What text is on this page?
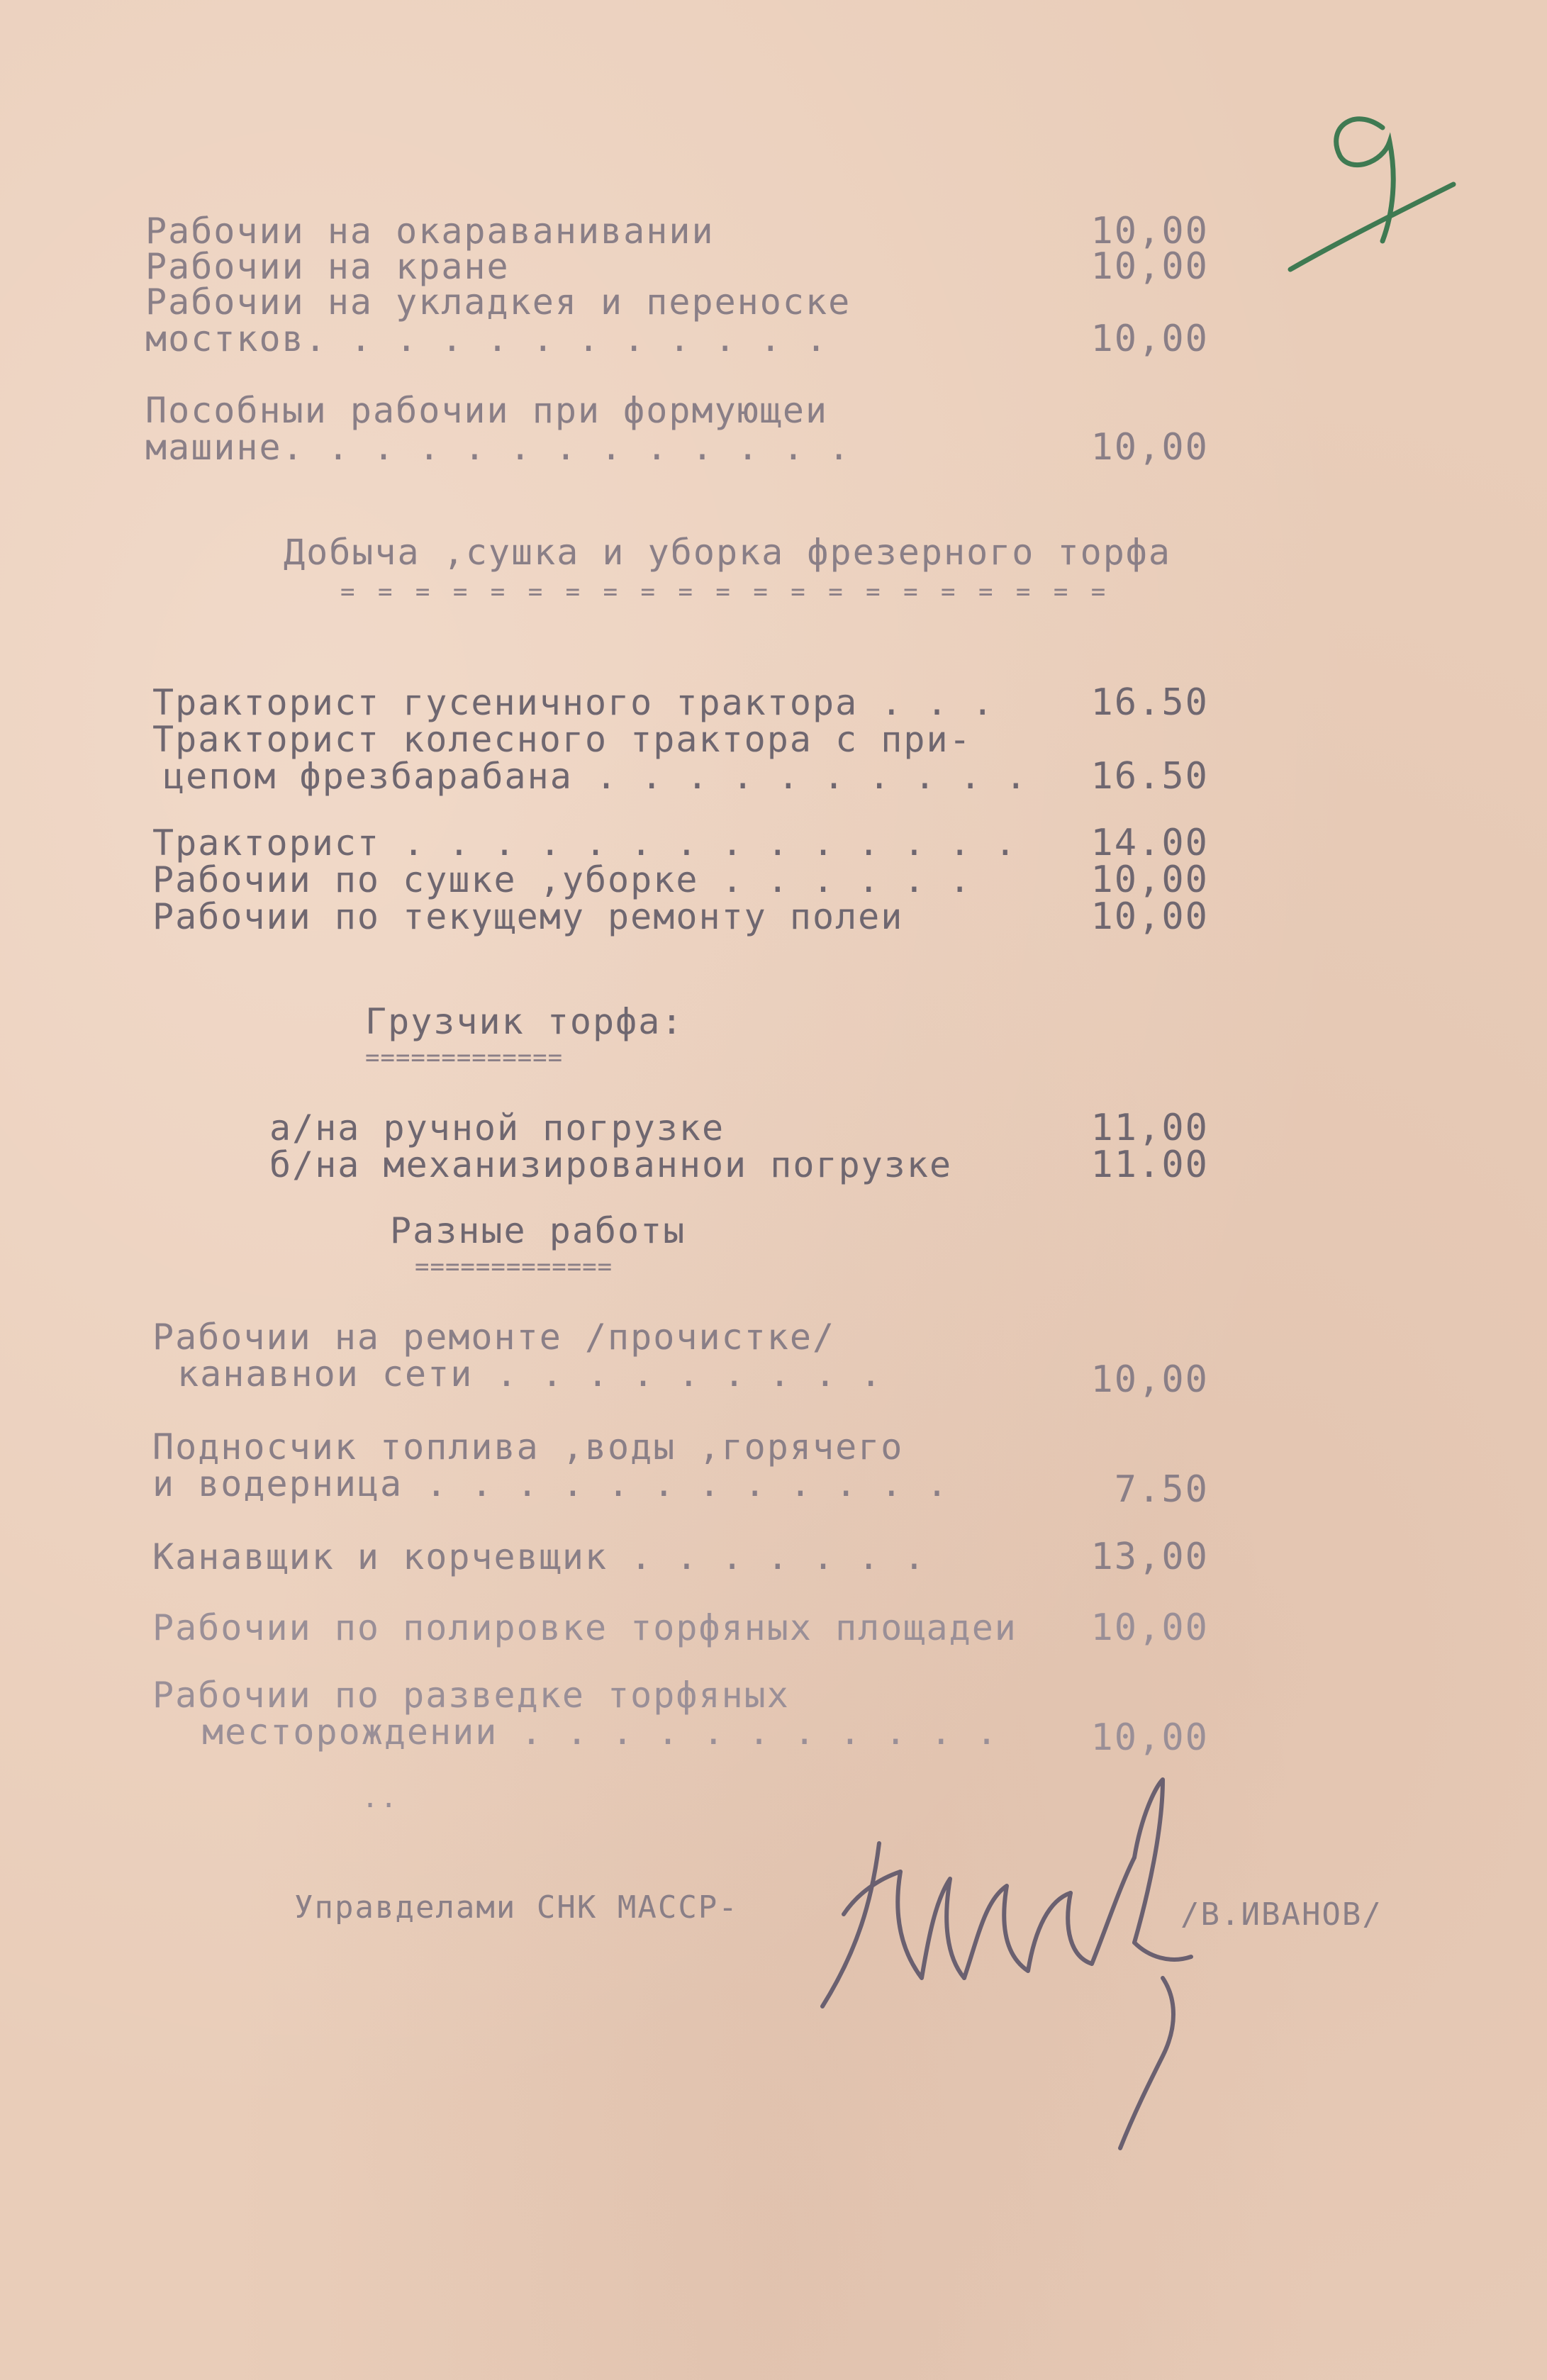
Рабочии на окараванивании	10,00
Рабочии на кране	10,00
Рабочии на укладкея и переноске
мостков. . . . . . . . . . . .	10,00
Пособныи рабочии при формующеи
машине. . . . . . . . . . . . .	10,00
Добыча ,сушка и уборка фрезерного торфа
= = = = = = = = = = = = = = = = = = = = =
Тракторист гусеничного трактора . . .	16.50
Тракторист колесного трактора с при-
цепом фрезбарабана . . . . . . . . . .	16.50
Тракторист . . . . . . . . . . . . . .	14.00
Рабочии по сушке ,уборке . . . . . .	10,00
Рабочии по текущему ремонту полеи	10,00
Грузчик торфа:
=============
а/на ручной погрузке	11,00
б/на механизированнои погрузке	11.00
Разные работы
=============
Рабочии на ремонте /прочистке/
канавнои сети . . . . . . . . .	10,00
Подносчик топлива ,воды ,горячего
и водерница . . . . . . . . . . . .	7.50
Канавщик и корчевщик . . . . . . .	13,00
Рабочии по полировке торфяных площадеи	10,00
Рабочии по разведке торфяных
месторождении . . . . . . . . . . .	10,00
..
Управделами СНК МАССР-	/В.ИВАНОВ/
